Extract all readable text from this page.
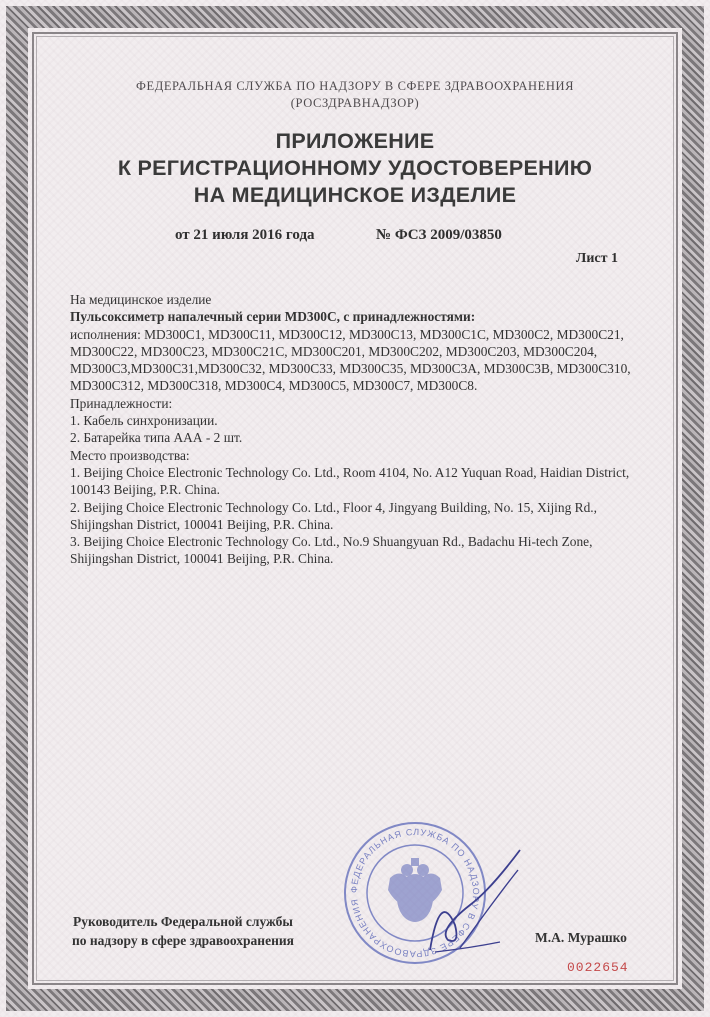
ФЕДЕРАЛЬНАЯ СЛУЖБА ПО НАДЗОРУ В СФЕРЕ ЗДРАВООХРАНЕНИЯ
(РОСЗДРАВНАДЗОР)
ПРИЛОЖЕНИЕ
К РЕГИСТРАЦИОННОМУ УДОСТОВЕРЕНИЮ
НА МЕДИЦИНСКОЕ ИЗДЕЛИЕ
от 21 июля 2016 года	№ ФСЗ 2009/03850
Лист 1

На медицинское изделие

Пульсоксиметр напалечный серии MD300C, с принадлежностями:

исполнения: MD300C1, MD300C11, MD300C12, MD300C13, MD300C1C, MD300C2, MD300C21, MD300C22, MD300C23, MD300C21C, MD300C201, MD300C202, MD300C203, MD300C204, MD300C3,MD300C31,MD300C32, MD300C33, MD300C35, MD300C3A, MD300C3B, MD300C310, MD300C312, MD300C318, MD300C4, MD300C5, MD300C7, MD300C8.

Принадлежности:

1. Кабель синхронизации.

2. Батарейка типа ААА - 2 шт.

Место производства:

1. Beijing Choice Electronic Technology Co. Ltd., Room 4104, No. A12 Yuquan Road, Haidian District, 100143 Beijing, P.R. China.

2. Beijing Choice Electronic Technology Co. Ltd., Floor 4, Jingyang Building, No. 15, Xijing Rd., Shijingshan District, 100041 Beijing, P.R. China.

3. Beijing Choice Electronic Technology Co. Ltd., No.9 Shuangyuan Rd., Badachu Hi-tech Zone, Shijingshan District, 100041 Beijing, P.R. China.

ФЕДЕРАЛЬНАЯ СЛУЖБА ПО НАДЗОРУ В СФЕРЕ ЗДРАВООХРАНЕНИЯ
Руководитель Федеральной службы
по надзору в сфере здравоохранения	М.А. Мурашко
0022654
